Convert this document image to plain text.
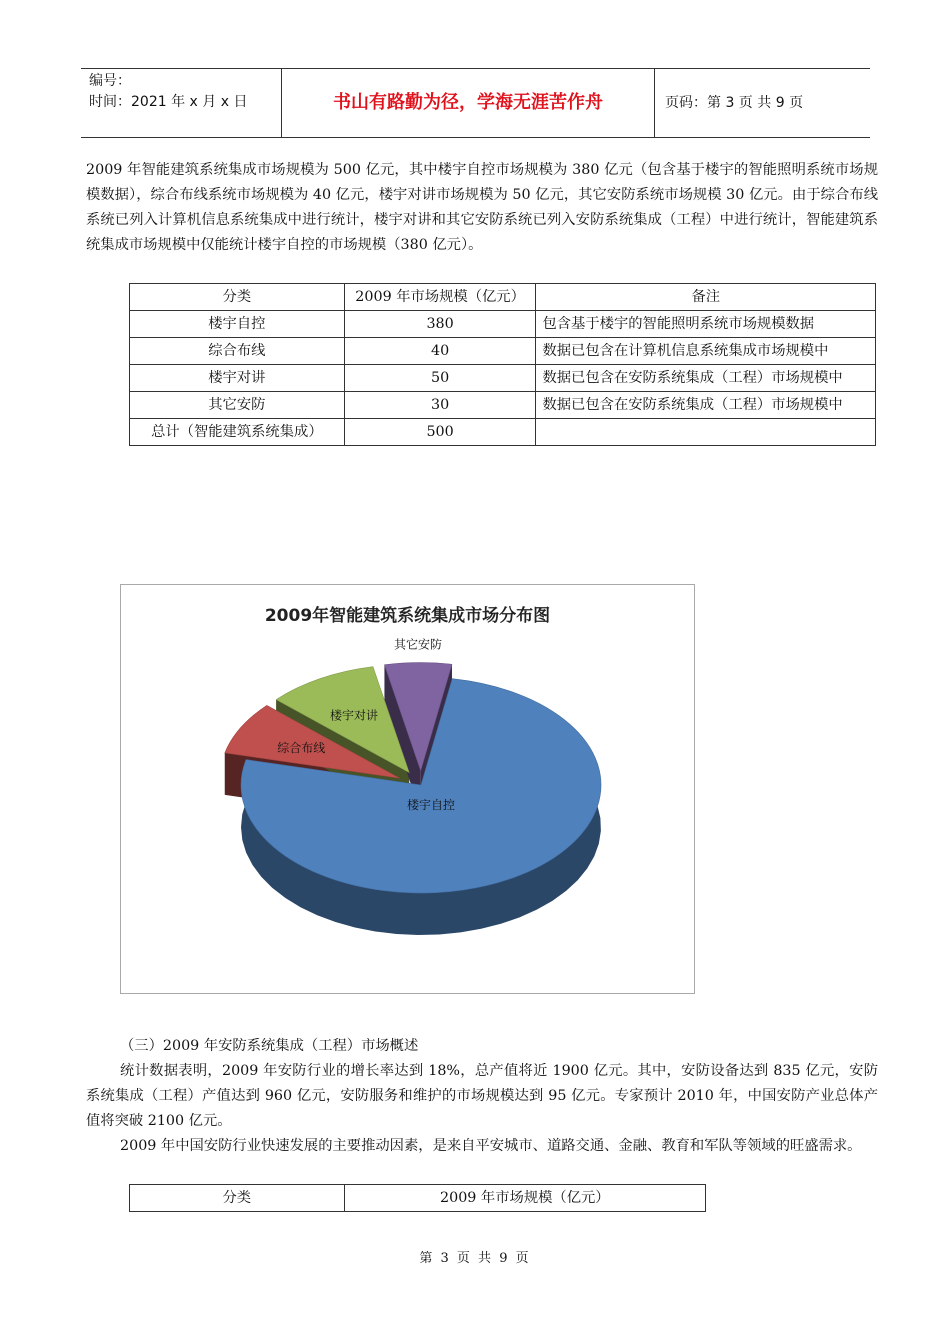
编号：
时间：2021 年 x 月 x 日	书山有路勤为径，学海无涯苦作舟	页码：第 3 页 共 9 页

2009 年智能建筑系统集成市场规模为 500 亿元，其中楼宇自控市场规模为 380 亿元（包含基于楼宇的智能照明系统市场规模数据），综合布线系统市场规模为 40 亿元，楼宇对讲市场规模为 50 亿元，其它安防系统市场规模 30 亿元。由于综合布线系统已列入计算机信息系统集成中进行统计，楼宇对讲和其它安防系统已列入安防系统集成（工程）中进行统计，智能建筑系统集成市场规模中仅能统计楼宇自控的市场规模（380 亿元）。

分类	2009 年市场规模（亿元）	备注
楼宇自控	380	包含基于楼宇的智能照明系统市场规模数据
综合布线	40	数据已包含在计算机信息系统集成市场规模中
楼宇对讲	50	数据已包含在安防系统集成（工程）市场规模中
其它安防	30	数据已包含在安防系统集成（工程）市场规模中
总计（智能建筑系统集成）	500	
2009年智能建筑系统集成市场分布图
楼宇自控
综合布线
楼宇对讲
其它安防

（三）2009 年安防系统集成（工程）市场概述

统计数据表明，2009 年安防行业的增长率达到 18%，总产值将近 1900 亿元。其中，安防设备达到 835 亿元，安防系统集成（工程）产值达到 960 亿元，安防服务和维护的市场规模达到 95 亿元。专家预计 2010 年，中国安防产业总体产值将突破 2100 亿元。

2009 年中国安防行业快速发展的主要推动因素，是来自平安城市、道路交通、金融、教育和军队等领域的旺盛需求。

分类	2009 年市场规模（亿元）
第 3 页 共 9 页
